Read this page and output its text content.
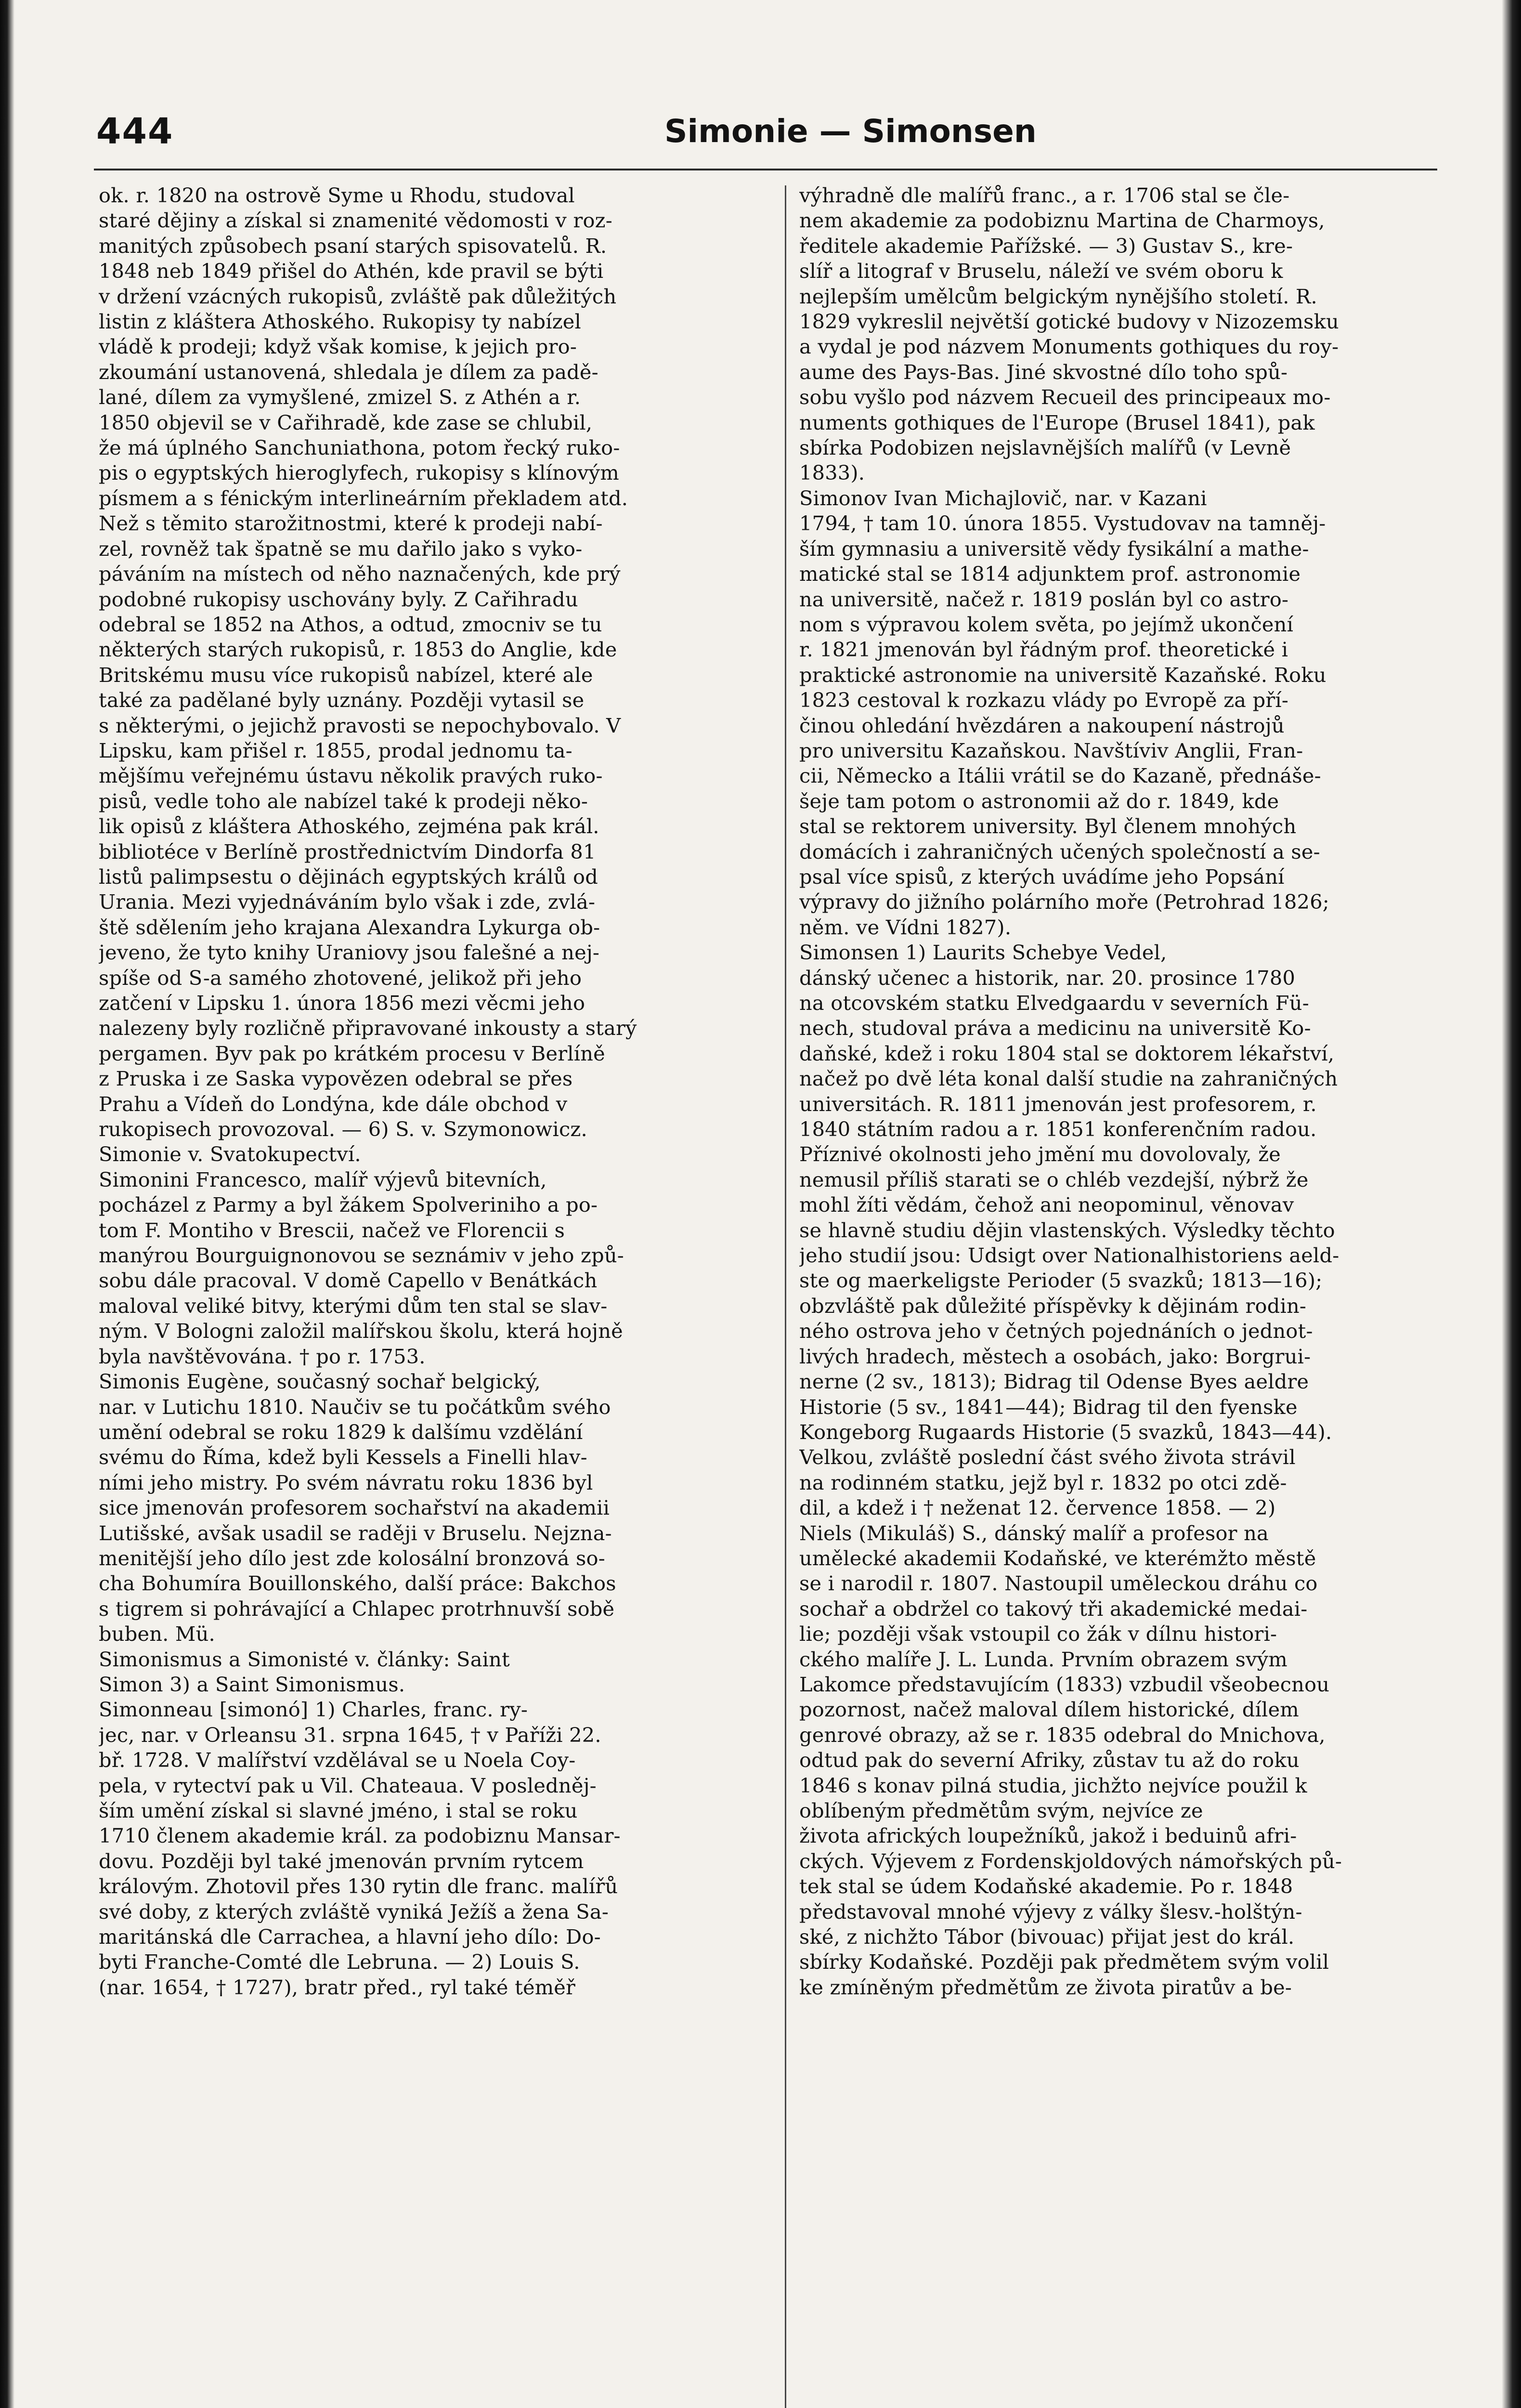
444	Simonie — Simonsen
ok. r. 1820 na ostrově Syme u Rhodu, studoval
staré dějiny a získal si znamenité vědomosti v roz-
manitých způsobech psaní starých spisovatelů. R.
1848 neb 1849 přišel do Athén, kde pravil se býti
v držení vzácných rukopisů, zvláště pak důležitých
listin z kláštera Athoského. Rukopisy ty nabízel
vládě k prodeji; když však komise, k jejich pro-
zkoumání ustanovená, shledala je dílem za padě-
lané, dílem za vymyšlené, zmizel S. z Athén a r.
1850 objevil se v Cařihradě, kde zase se chlubil,
že má úplného Sanchuniathona, potom řecký ruko-
pis o egyptských hieroglyfech, rukopisy s klínovým
písmem a s fénickým interlineárním překladem atd.
Než s těmito starožitnostmi, které k prodeji nabí-
zel, rovněž tak špatně se mu dařilo jako s vyko-
páváním na místech od něho naznačených, kde prý
podobné rukopisy uschovány byly. Z Cařihradu
odebral se 1852 na Athos, a odtud, zmocniv se tu
některých starých rukopisů, r. 1853 do Anglie, kde
Britskému musu více rukopisů nabízel, které ale
také za padělané byly uznány. Později vytasil se
s některými, o jejichž pravosti se nepochybovalo. V
Lipsku, kam přišel r. 1855, prodal jednomu ta-
mějšímu veřejnému ústavu několik pravých ruko-
pisů, vedle toho ale nabízel také k prodeji něko-
lik opisů z kláštera Athoského, zejména pak král.
bibliotéce v Berlíně prostřednictvím Dindorfa 81
listů palimpsestu o dějinách egyptských králů od
Urania. Mezi vyjednáváním bylo však i zde, zvlá-
ště sdělením jeho krajana Alexandra Lykurga ob-
jeveno, že tyto knihy Uraniovy jsou falešné a nej-
spíše od S-a samého zhotovené, jelikož při jeho
zatčení v Lipsku 1. února 1856 mezi věcmi jeho
nalezeny byly rozličně připravované inkousty a starý
pergamen. Byv pak po krátkém procesu v Berlíně
z Pruska i ze Saska vypovězen odebral se přes
Prahu a Vídeň do Londýna, kde dále obchod v
rukopisech provozoval. — 6) S. v. Szymonowicz.
Simonie v. Svatokupectví.
Simonini Francesco, malíř výjevů bitevních,
pocházel z Parmy a byl žákem Spolveriniho a po-
tom F. Montiho v Brescii, načež ve Florencii s
manýrou Bourguignonovou se seznámiv v jeho způ-
sobu dále pracoval. V domě Capello v Benátkách
maloval veliké bitvy, kterými dům ten stal se slav-
ným. V Bologni založil malířskou školu, která hojně
byla navštěvována. † po r. 1753.
Simonis Eugène, současný sochař belgický,
nar. v Lutichu 1810. Naučiv se tu počátkům svého
umění odebral se roku 1829 k dalšímu vzdělání
svému do Říma, kdež byli Kessels a Finelli hlav-
ními jeho mistry. Po svém návratu roku 1836 byl
sice jmenován profesorem sochařství na akademii
Lutišské, avšak usadil se raději v Bruselu. Nejzna-
menitější jeho dílo jest zde kolosální bronzová so-
cha Bohumíra Bouillonského, další práce: Bakchos
s tigrem si pohrávající a Chlapec protrhnuvší sobě
buben. Mü.
Simonismus a Simonisté v. články: Saint
Simon 3) a Saint Simonismus.
Simonneau [simonó] 1) Charles, franc. ry-
jec, nar. v Orleansu 31. srpna 1645, † v Paříži 22.
bř. 1728. V malířství vzdělával se u Noela Coy-
pela, v rytectví pak u Vil. Chateaua. V posledněj-
ším umění získal si slavné jméno, i stal se roku
1710 členem akademie král. za podobiznu Mansar-
dovu. Později byl také jmenován prvním rytcem
královým. Zhotovil přes 130 rytin dle franc. malířů
své doby, z kterých zvláště vyniká Ježíš a žena Sa-
maritánská dle Carrachea, a hlavní jeho dílo: Do-
byti Franche-Comté dle Lebruna. — 2) Louis S.
(nar. 1654, † 1727), bratr před., ryl také téměř
výhradně dle malířů franc., a r. 1706 stal se čle-
nem akademie za podobiznu Martina de Charmoys,
ředitele akademie Pařížské. — 3) Gustav S., kre-
slíř a litograf v Bruselu, náleží ve svém oboru k
nejlepším umělcům belgickým nynějšího století. R.
1829 vykreslil největší gotické budovy v Nizozemsku
a vydal je pod názvem Monuments gothiques du roy-
aume des Pays-Bas. Jiné skvostné dílo toho spů-
sobu vyšlo pod názvem Recueil des principeaux mo-
numents gothiques de l'Europe (Brusel 1841), pak
sbírka Podobizen nejslavnějších malířů (v Levně
1833).
Simonov Ivan Michajlovič, nar. v Kazani
1794, † tam 10. února 1855. Vystudovav na tamněj-
ším gymnasiu a universitě vědy fysikální a mathe-
matické stal se 1814 adjunktem prof. astronomie
na universitě, načež r. 1819 poslán byl co astro-
nom s výpravou kolem světa, po jejímž ukončení
r. 1821 jmenován byl řádným prof. theoretické i
praktické astronomie na universitě Kazaňské. Roku
1823 cestoval k rozkazu vlády po Evropě za pří-
činou ohledání hvězdáren a nakoupení nástrojů
pro universitu Kazaňskou. Navštíviv Anglii, Fran-
cii, Německo a Itálii vrátil se do Kazaně, přednáše-
šeje tam potom o astronomii až do r. 1849, kde
stal se rektorem university. Byl členem mnohých
domácích i zahraničných učených společností a se-
psal více spisů, z kterých uvádíme jeho Popsání
výpravy do jižního polárního moře (Petrohrad 1826;
něm. ve Vídni 1827).
Simonsen 1) Laurits Schebye Vedel,
dánský učenec a historik, nar. 20. prosince 1780
na otcovském statku Elvedgaardu v severních Fü-
nech, studoval práva a medicinu na universitě Ko-
daňské, kdež i roku 1804 stal se doktorem lékařství,
načež po dvě léta konal další studie na zahraničných
universitách. R. 1811 jmenován jest profesorem, r.
1840 státním radou a r. 1851 konferenčním radou.
Příznivé okolnosti jeho jmění mu dovolovaly, že
nemusil příliš starati se o chléb vezdejší, nýbrž že
mohl žíti vědám, čehož ani neopominul, věnovav
se hlavně studiu dějin vlastenských. Výsledky těchto
jeho studií jsou: Udsigt over Nationalhistoriens aeld-
ste og maerkeligste Perioder (5 svazků; 1813—16);
obzvláště pak důležité příspěvky k dějinám rodin-
ného ostrova jeho v četných pojednáních o jednot-
livých hradech, městech a osobách, jako: Borgrui-
nerne (2 sv., 1813); Bidrag til Odense Byes aeldre
Historie (5 sv., 1841—44); Bidrag til den fyenske
Kongeborg Rugaards Historie (5 svazků, 1843—44).
Velkou, zvláště poslední část svého života strávil
na rodinném statku, jejž byl r. 1832 po otci zdě-
dil, a kdež i † neženat 12. července 1858. — 2)
Niels (Mikuláš) S., dánský malíř a profesor na
umělecké akademii Kodaňské, ve kterémžto městě
se i narodil r. 1807. Nastoupil uměleckou dráhu co
sochař a obdržel co takový tři akademické medai-
lie; později však vstoupil co žák v dílnu histori-
ckého malíře J. L. Lunda. Prvním obrazem svým
Lakomce představujícím (1833) vzbudil všeobecnou
pozornost, načež maloval dílem historické, dílem
genrové obrazy, až se r. 1835 odebral do Mnichova,
odtud pak do severní Afriky, zůstav tu až do roku
1846 s konav pilná studia, jichžto nejvíce použil k
oblíbeným předmětům svým, nejvíce ze
života afrických loupežníků, jakož i beduinů afri-
ckých. Výjevem z Fordenskjoldových námořských pů-
tek stal se údem Kodaňské akademie. Po r. 1848
představoval mnohé výjevy z války šlesv.-holštýn-
ské, z nichžto Tábor (bivouac) přijat jest do král.
sbírky Kodaňské. Později pak předmětem svým volil
ke zmíněným předmětům ze života piratův a be-
